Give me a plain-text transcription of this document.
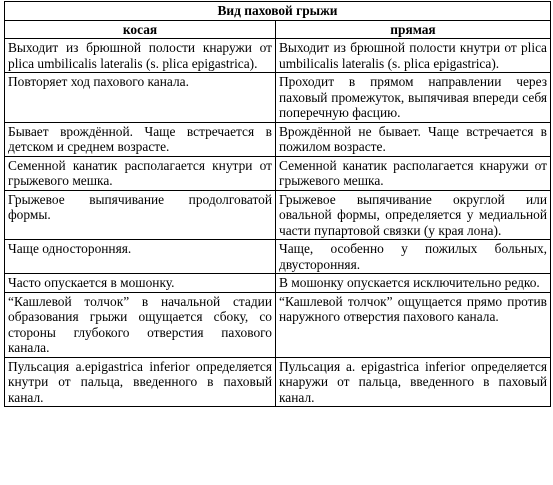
Вид паховой грыжи	
косая	прямая
Выходит из брюшной полости кнаружи от plica umbilicalis lateralis (s. plica epigastrica).	Выходит из брюшной полости кнутри от plica umbilicalis lateralis (s. plica epigastrica).
Повторяет ход пахового канала.	Проходит в прямом направлении через паховый промежуток, выпячивая впереди себя поперечную фасцию.
Бывает врождённой. Чаще встречается в детском и среднем возрасте.	Врождённой не бывает. Чаще встречается в пожилом возрасте.
Семенной канатик располагается кнутри от грыжевого мешка.	Семенной канатик располагается кнаружи от грыжевого мешка.
Грыжевое выпячивание продолговатой формы.	Грыжевое выпячивание округлой или овальной формы, определяется у медиальной части пупартовой связки (у края лона).
Чаще односторонняя.	Чаще, особенно у пожилых больных, двусторонняя.
Часто опускается в мошонку.	В мошонку опускается исключительно редко.
“Кашлевой толчок” в начальной стадии образования грыжи ощущается сбоку, со стороны глубокого отверстия пахового канала.	“Кашлевой толчок” ощущается прямо против наружного отверстия пахового канала.
Пульсация a.epigastrica inferior определяется кнутри от пальца, введенного в паховый канал.	Пульсация a. epigastrica inferior определяется кнаружи от пальца, введенного в паховый канал.
